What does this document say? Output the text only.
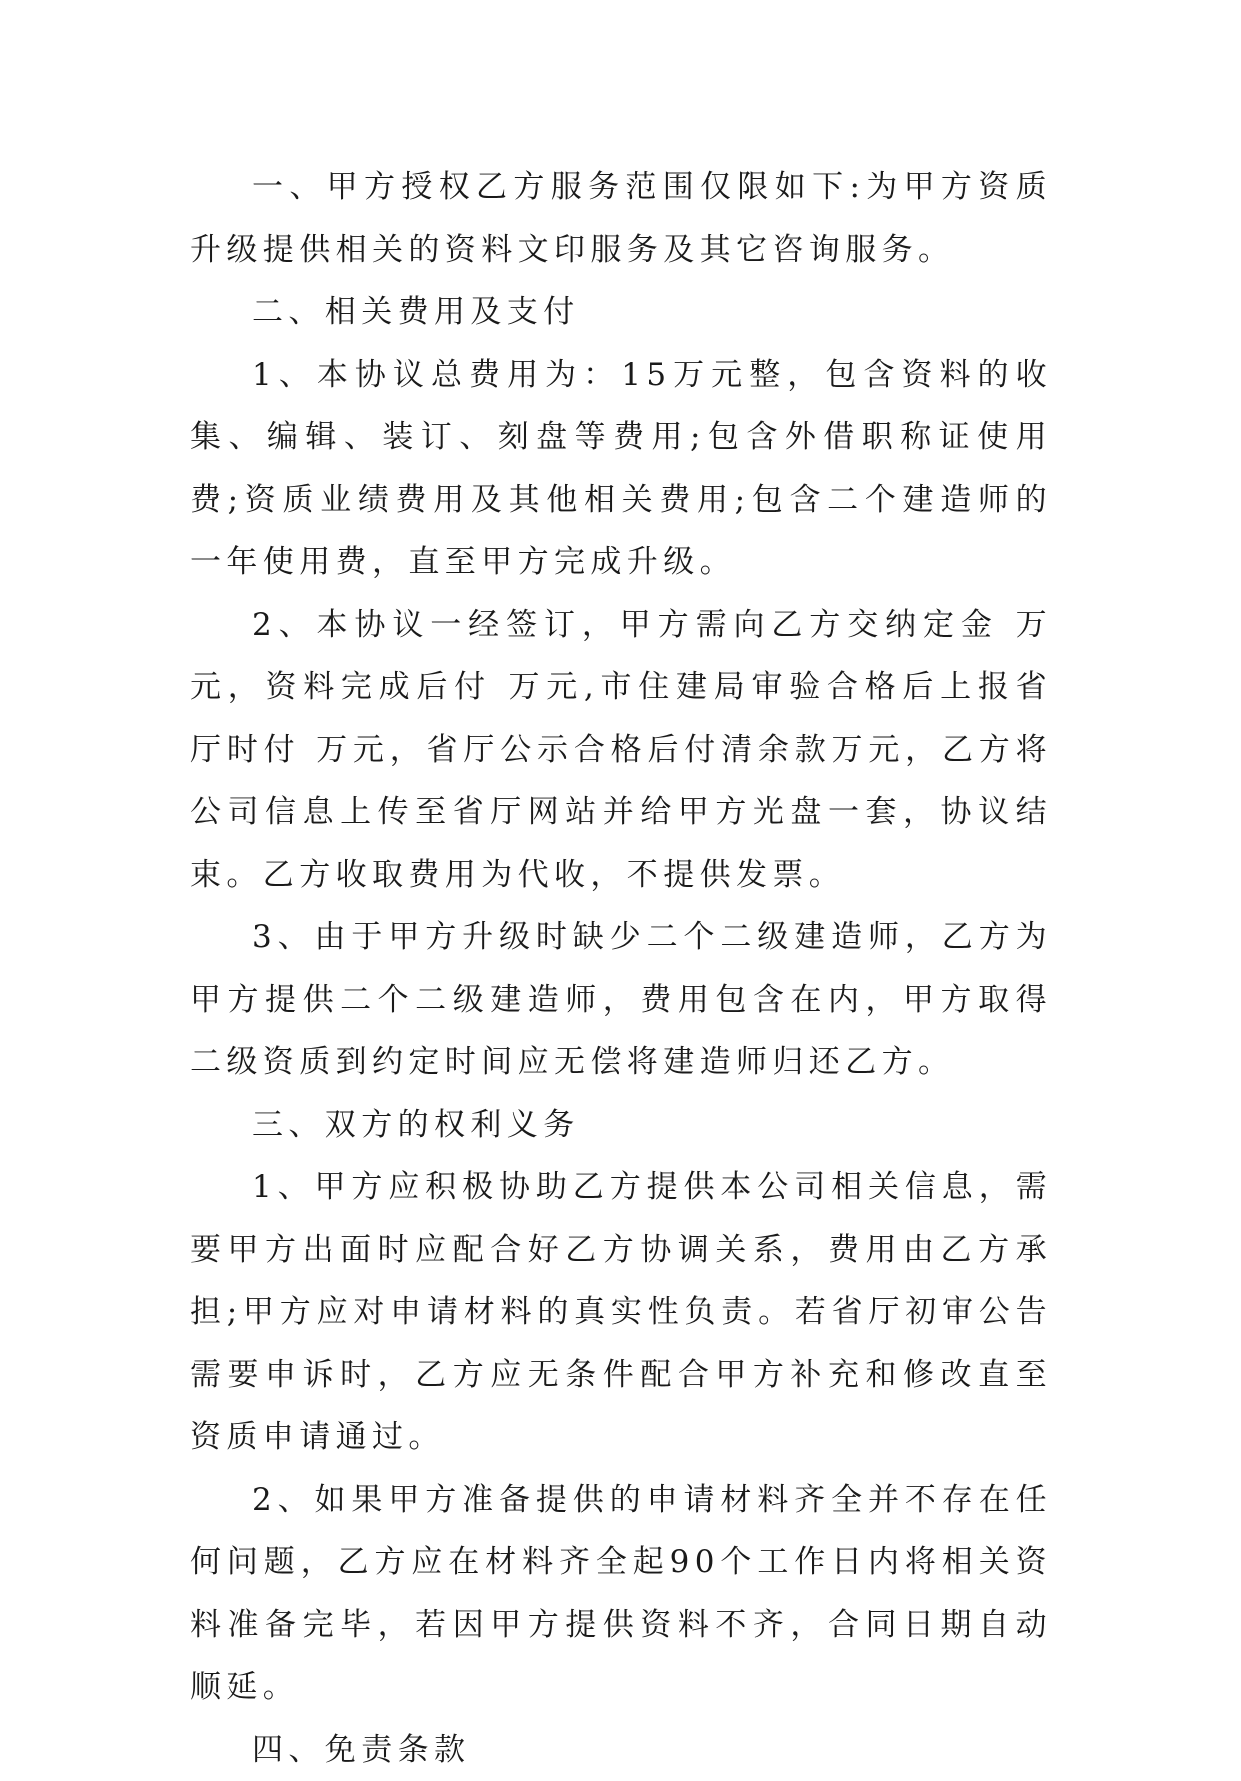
一、甲方授权乙方服务范围仅限如下:为甲方资质升级提供相关的资料文印服务及其它咨询服务。

二、相关费用及支付

1、本协议总费用为：15万元整，包含资料的收集、编辑、装订、刻盘等费用;包含外借职称证使用费;资质业绩费用及其他相关费用;包含二个建造师的一年使用费，直至甲方完成升级。

2、本协议一经签订，甲方需向乙方交纳定金 万元，资料完成后付 万元,市住建局审验合格后上报省厅时付 万元，省厅公示合格后付清余款万元，乙方将公司信息上传至省厅网站并给甲方光盘一套，协议结束。乙方收取费用为代收，不提供发票。

3、由于甲方升级时缺少二个二级建造师，乙方为甲方提供二个二级建造师，费用包含在内，甲方取得二级资质到约定时间应无偿将建造师归还乙方。

三、双方的权利义务

1、甲方应积极协助乙方提供本公司相关信息，需要甲方出面时应配合好乙方协调关系，费用由乙方承担;甲方应对申请材料的真实性负责。若省厅初审公告需要申诉时，乙方应无条件配合甲方补充和修改直至资质申请通过。

2、如果甲方准备提供的申请材料齐全并不存在任何问题，乙方应在材料齐全起90个工作日内将相关资料准备完毕，若因甲方提供资料不齐，合同日期自动顺延。

四、免责条款
